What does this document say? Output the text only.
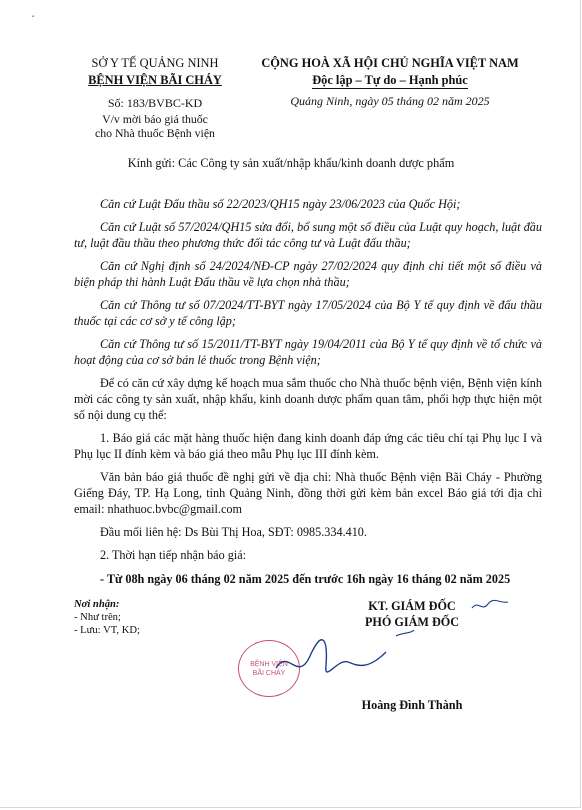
▪
SỞ Y TẾ QUẢNG NINH
BỆNH VIỆN BÃI CHÁY
Số: 183/BVBC-KD
V/v mời báo giá thuốc
cho Nhà thuốc Bệnh viện
CỘNG HOÀ XÃ HỘI CHỦ NGHĨA VIỆT NAM
Độc lập – Tự do – Hạnh phúc
Quảng Ninh, ngày 05 tháng 02 năm 2025
Kính gửi: Các Công ty sản xuất/nhập khẩu/kinh doanh dược phẩm

Căn cứ Luật Đấu thầu số 22/2023/QH15 ngày 23/06/2023 của Quốc Hội;

Căn cứ Luật số 57/2024/QH15 sửa đổi, bổ sung một số điều của Luật quy hoạch, luật đầu tư, luật đầu thầu theo phương thức đối tác công tư và Luật đấu thầu;

Căn cứ Nghị định số 24/2024/NĐ-CP ngày 27/02/2024 quy định chi tiết một số điều và biện pháp thi hành Luật Đấu thầu về lựa chọn nhà thầu;

Căn cứ Thông tư số 07/2024/TT-BYT ngày 17/05/2024 của Bộ Y tế quy định về đấu thầu thuốc tại các cơ sở y tế công lập;

Căn cứ Thông tư số 15/2011/TT-BYT ngày 19/04/2011 của Bộ Y tế quy định về tổ chức và hoạt động của cơ sở bán lẻ thuốc trong Bệnh viện;

Để có căn cứ xây dựng kế hoạch mua sắm thuốc cho Nhà thuốc bệnh viện, Bệnh viện kính mời các công ty sản xuất, nhập khẩu, kinh doanh dược phẩm quan tâm, phối hợp thực hiện một số nội dung cụ thể:

1. Báo giá các mặt hàng thuốc hiện đang kinh doanh đáp ứng các tiêu chí tại Phụ lục I và Phụ lục II đính kèm và báo giá theo mẫu Phụ lục III đính kèm.

Văn bản báo giá thuốc đề nghị gửi về địa chỉ: Nhà thuốc Bệnh viện Bãi Cháy - Phường Giếng Đáy, TP. Hạ Long, tỉnh Quảng Ninh, đồng thời gửi kèm bản excel Báo giá tới địa chỉ email: nhathuoc.bvbc@gmail.com

Đầu mối liên hệ: Ds Bùi Thị Hoa, SĐT: 0985.334.410.

2. Thời hạn tiếp nhận báo giá:

- Từ 08h ngày 06 tháng 02 năm 2025 đến trước 16h ngày 16 tháng 02 năm 2025

Nơi nhận:
- Như trên;
- Lưu: VT, KD;
KT. GIÁM ĐỐC
PHÓ GIÁM ĐỐC
BỆNH VIỆN
BÃI CHÁY
Hoàng Đình Thành
